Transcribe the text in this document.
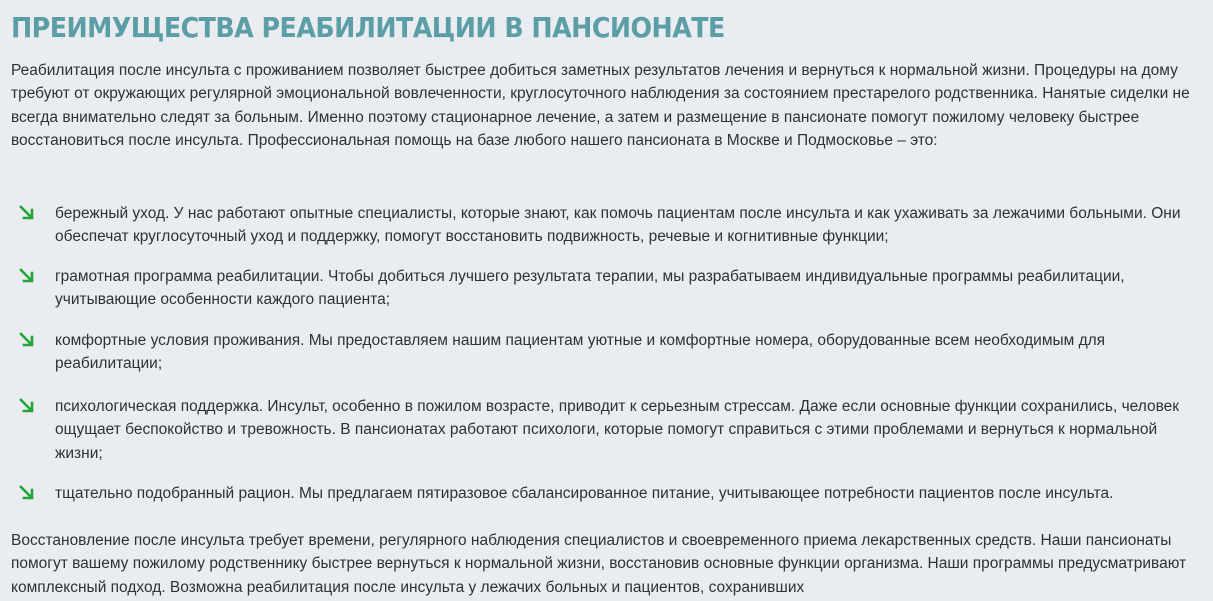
ПРЕИМУЩЕСТВА РЕАБИЛИТАЦИИ В ПАНСИОНАТЕ

Реабилитация после инсульта с проживанием позволяет быстрее добиться заметных результатов лечения и вернуться к нормальной жизни. Процедуры на дому требуют от окружающих регулярной эмоциональной вовлеченности, круглосуточного наблюдения за состоянием престарелого родственника. Нанятые сиделки не всегда внимательно следят за больным. Именно поэтому стационарное лечение, а затем и размещение в пансионате помогут пожилому человеку быстрее восстановиться после инсульта. Профессиональная помощь на базе любого нашего пансионата в Москве и Подмосковье – это:

бережный уход. У нас работают опытные специалисты, которые знают, как помочь пациентам после инсульта и как ухаживать за лежачими больными. Они обеспечат круглосуточный уход и поддержку, помогут восстановить подвижность, речевые и когнитивные функции;
грамотная программа реабилитации. Чтобы добиться лучшего результата терапии, мы разрабатываем индивидуальные программы реабилитации, учитывающие особенности каждого пациента;
комфортные условия проживания. Мы предоставляем нашим пациентам уютные и комфортные номера, оборудованные всем необходимым для реабилитации;
психологическая поддержка. Инсульт, особенно в пожилом возрасте, приводит к серьезным стрессам. Даже если основные функции сохранились, человек ощущает беспокойство и тревожность. В пансионатах работают психологи, которые помогут справиться с этими проблемами и вернуться к нормальной жизни;
тщательно подобранный рацион. Мы предлагаем пятиразовое сбалансированное питание, учитывающее потребности пациентов после инсульта.

Восстановление после инсульта требует времени, регулярного наблюдения специалистов и своевременного приема лекарственных средств. Наши пансионаты помогут вашему пожилому родственнику быстрее вернуться к нормальной жизни, восстановив основные функции организма. Наши программы предусматривают комплексный подход. Возможна реабилитация после инсульта у лежачих больных и пациентов, сохранивших
